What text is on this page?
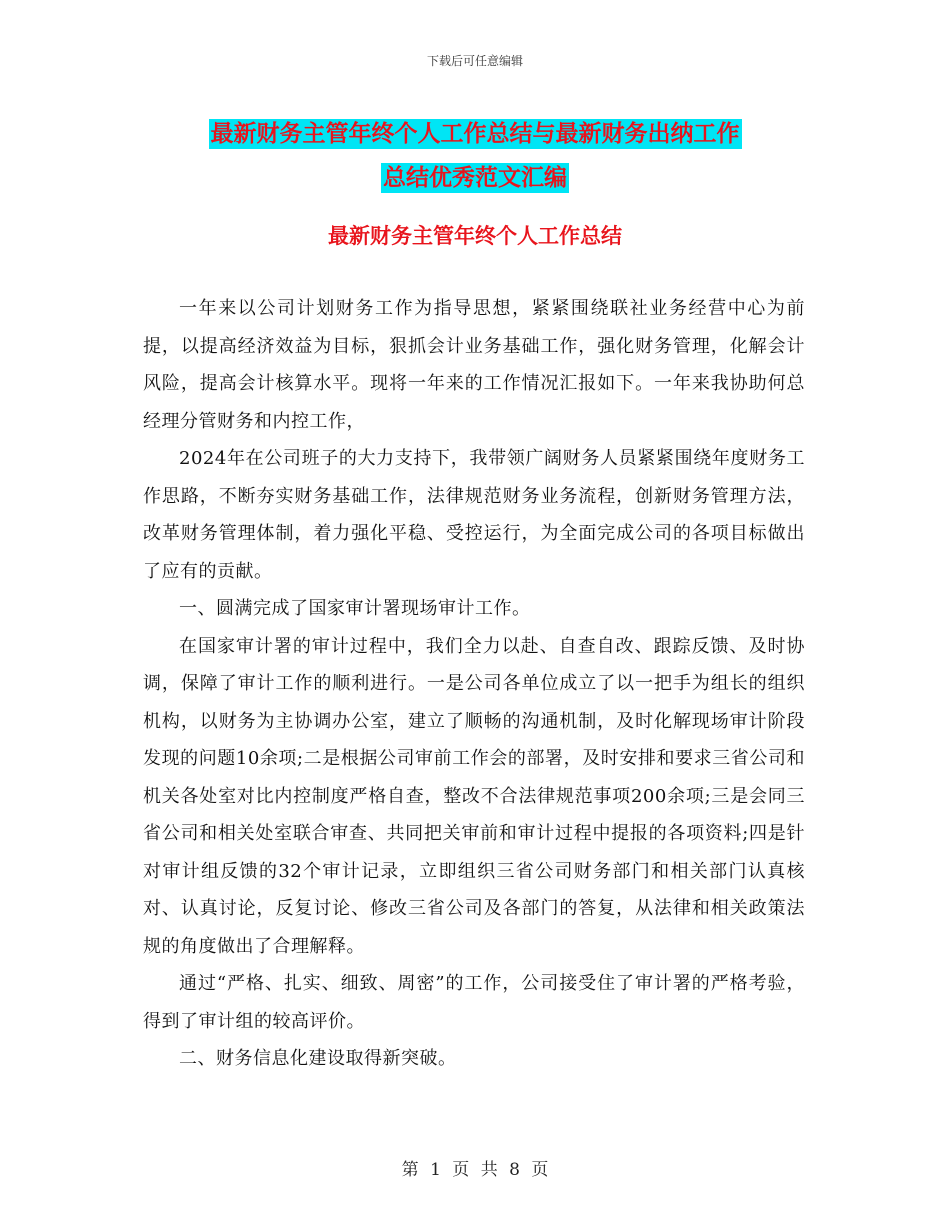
下载后可任意编辑
最新财务主管年终个人工作总结与最新财务出纳工作
总结优秀范文汇编
最新财务主管年终个人工作总结

一年来以公司计划财务工作为指导思想，紧紧围绕联社业务经营中心为前提，以提高经济效益为目标，狠抓会计业务基础工作，强化财务管理，化解会计风险，提高会计核算水平。现将一年来的工作情况汇报如下。一年来我协助何总经理分管财务和内控工作，

2024年在公司班子的大力支持下，我带领广阔财务人员紧紧围绕年度财务工作思路，不断夯实财务基础工作，法律规范财务业务流程，创新财务管理方法，改革财务管理体制，着力强化平稳、受控运行，为全面完成公司的各项目标做出了应有的贡献。

一、圆满完成了国家审计署现场审计工作。

在国家审计署的审计过程中，我们全力以赴、自查自改、跟踪反馈、及时协调，保障了审计工作的顺利进行。一是公司各单位成立了以一把手为组长的组织机构，以财务为主协调办公室，建立了顺畅的沟通机制，及时化解现场审计阶段发现的问题10余项;二是根据公司审前工作会的部署，及时安排和要求三省公司和机关各处室对比内控制度严格自查，整改不合法律规范事项200余项;三是会同三省公司和相关处室联合审查、共同把关审前和审计过程中提报的各项资料;四是针对审计组反馈的32个审计记录，立即组织三省公司财务部门和相关部门认真核对、认真讨论，反复讨论、修改三省公司及各部门的答复，从法律和相关政策法规的角度做出了合理解释。

通过“严格、扎实、细致、周密”的工作，公司接受住了审计署的严格考验，得到了审计组的较高评价。

二、财务信息化建设取得新突破。

第 1 页 共 8 页
